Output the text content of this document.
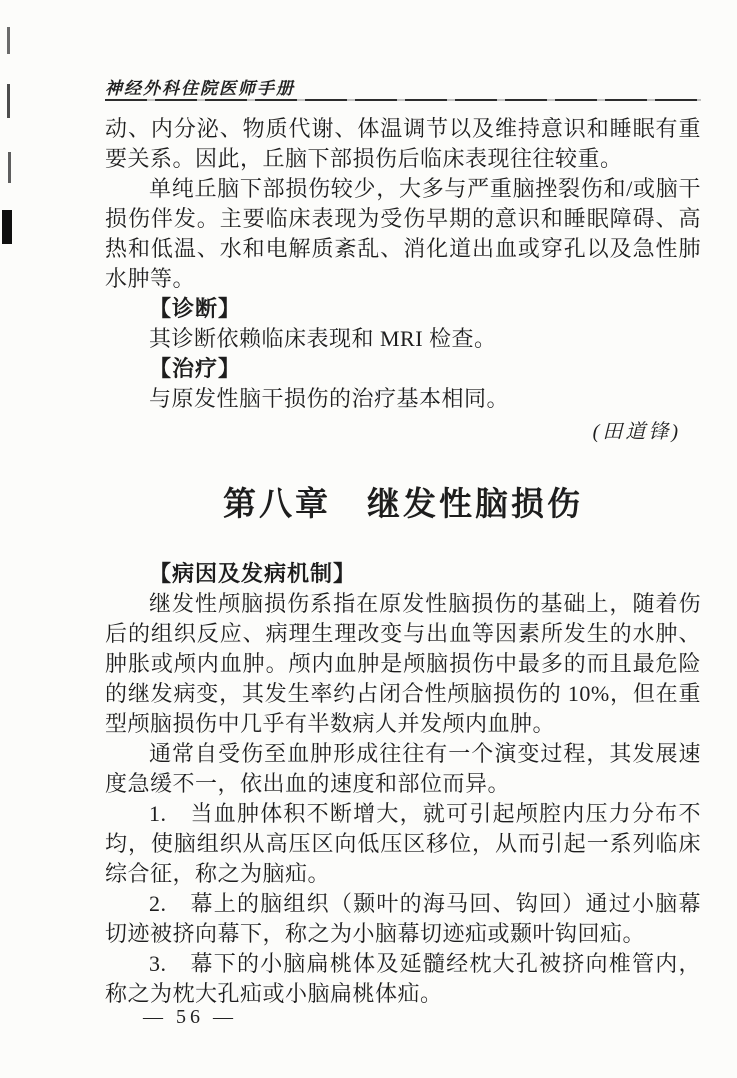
神经外科住院医师手册

动、内分泌、物质代谢、体温调节以及维持意识和睡眠有重要关系。因此，丘脑下部损伤后临床表现往往较重。

单纯丘脑下部损伤较少，大多与严重脑挫裂伤和/或脑干损伤伴发。主要临床表现为受伤早期的意识和睡眠障碍、高热和低温、水和电解质紊乱、消化道出血或穿孔以及急性肺水肿等。

【诊断】

其诊断依赖临床表现和 MRI 检查。

【治疗】

与原发性脑干损伤的治疗基本相同。

(田道锋)

第八章　继发性脑损伤
【病因及发病机制】

继发性颅脑损伤系指在原发性脑损伤的基础上，随着伤后的组织反应、病理生理改变与出血等因素所发生的水肿、肿胀或颅内血肿。颅内血肿是颅脑损伤中最多的而且最危险的继发病变，其发生率约占闭合性颅脑损伤的 10%，但在重型颅脑损伤中几乎有半数病人并发颅内血肿。

通常自受伤至血肿形成往往有一个演变过程，其发展速度急缓不一，依出血的速度和部位而异。

1.　当血肿体积不断增大，就可引起颅腔内压力分布不均，使脑组织从高压区向低压区移位，从而引起一系列临床综合征，称之为脑疝。

2.　幕上的脑组织（颞叶的海马回、钩回）通过小脑幕切迹被挤向幕下，称之为小脑幕切迹疝或颞叶钩回疝。

3.　幕下的小脑扁桃体及延髓经枕大孔被挤向椎管内，称之为枕大孔疝或小脑扁桃体疝。

— 56 —
